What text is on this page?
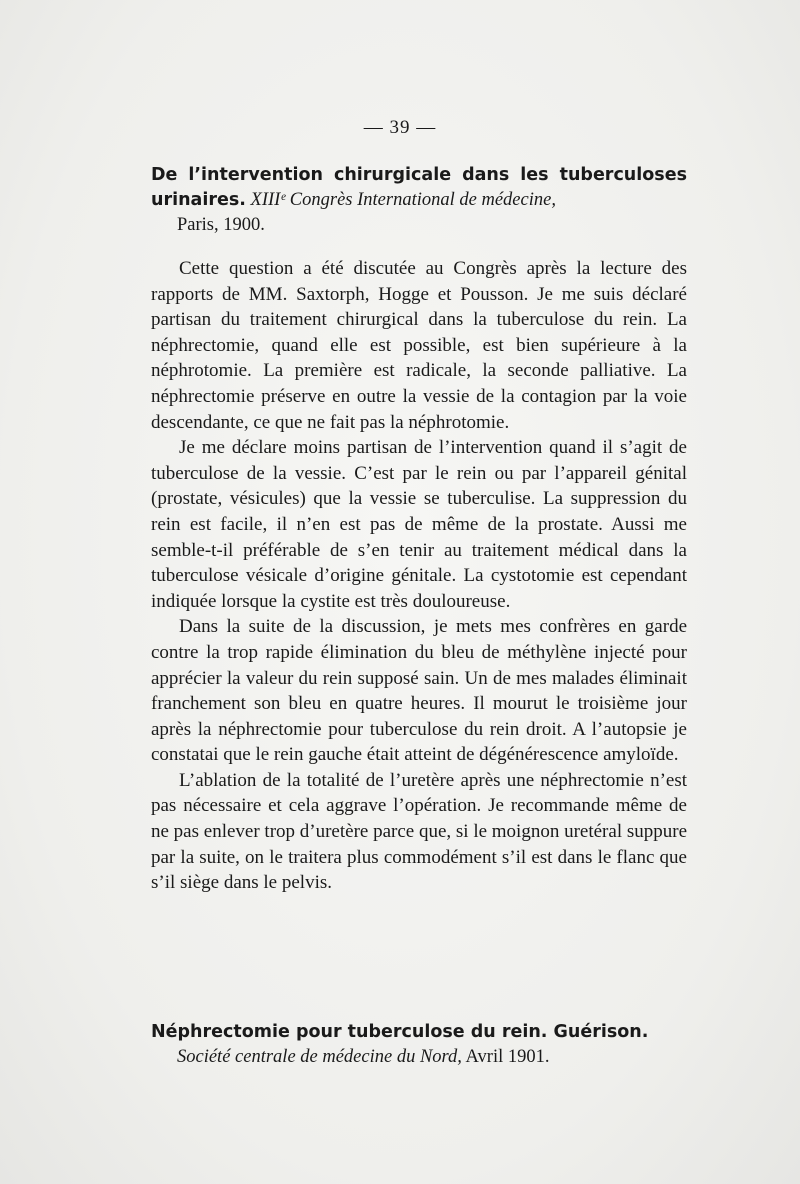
— 39 —
De l’intervention chirurgicale dans les tuberculoses urinaires. XIIIᵉ Congrès International de médecine,
Paris, 1900.

Cette question a été discutée au Congrès après la lecture des rapports de MM. Saxtorph, Hogge et Pousson. Je me suis déclaré partisan du traitement chirurgical dans la tuberculose du rein. La néphrectomie, quand elle est possible, est bien supérieure à la néphrotomie. La première est radicale, la seconde palliative. La néphrectomie préserve en outre la vessie de la contagion par la voie descendante, ce que ne fait pas la néphrotomie.

Je me déclare moins partisan de l’intervention quand il s’agit de tuberculose de la vessie. C’est par le rein ou par l’appareil génital (prostate, vésicules) que la vessie se tuberculise. La suppression du rein est facile, il n’en est pas de même de la prostate. Aussi me semble-t-il préférable de s’en tenir au traitement médical dans la tuberculose vésicale d’origine génitale. La cystotomie est cependant indiquée lorsque la cystite est très douloureuse.

Dans la suite de la discussion, je mets mes confrères en garde contre la trop rapide élimination du bleu de méthylène injecté pour apprécier la valeur du rein supposé sain. Un de mes malades éliminait franchement son bleu en quatre heures. Il mourut le troisième jour après la néphrectomie pour tuberculose du rein droit. A l’autopsie je constatai que le rein gauche était atteint de dégénérescence amyloïde.

L’ablation de la totalité de l’uretère après une néphrectomie n’est pas nécessaire et cela aggrave l’opération. Je recommande même de ne pas enlever trop d’uretère parce que, si le moignon uretéral suppure par la suite, on le traitera plus commodément s’il est dans le flanc que s’il siège dans le pelvis.

Néphrectomie pour tuberculose du rein. Guérison.
Société centrale de médecine du Nord, Avril 1901.
